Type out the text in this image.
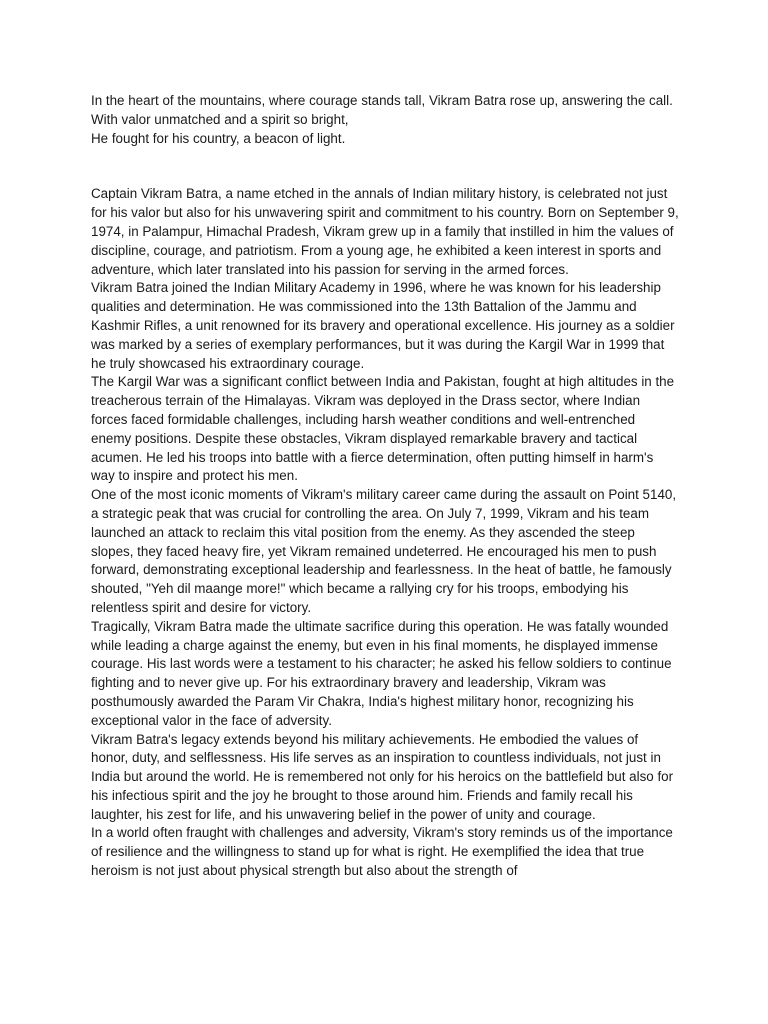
In the heart of the mountains, where courage stands tall, Vikram Batra rose up, answering the call.

With valor unmatched and a spirit so bright,

He fought for his country, a beacon of light.

Captain Vikram Batra, a name etched in the annals of Indian military history, is celebrated not just for his valor but also for his unwavering spirit and commitment to his country. Born on September 9, 1974, in Palampur, Himachal Pradesh, Vikram grew up in a family that instilled in him the values of discipline, courage, and patriotism. From a young age, he exhibited a keen interest in sports and adventure, which later translated into his passion for serving in the armed forces.

Vikram Batra joined the Indian Military Academy in 1996, where he was known for his leadership qualities and determination. He was commissioned into the 13th Battalion of the Jammu and Kashmir Rifles, a unit renowned for its bravery and operational excellence. His journey as a soldier was marked by a series of exemplary performances, but it was during the Kargil War in 1999 that he truly showcased his extraordinary courage.

The Kargil War was a significant conflict between India and Pakistan, fought at high altitudes in the treacherous terrain of the Himalayas. Vikram was deployed in the Drass sector, where Indian forces faced formidable challenges, including harsh weather conditions and well-entrenched enemy positions. Despite these obstacles, Vikram displayed remarkable bravery and tactical acumen. He led his troops into battle with a fierce determination, often putting himself in harm's way to inspire and protect his men.

One of the most iconic moments of Vikram's military career came during the assault on Point 5140, a strategic peak that was crucial for controlling the area. On July 7, 1999, Vikram and his team launched an attack to reclaim this vital position from the enemy. As they ascended the steep slopes, they faced heavy fire, yet Vikram remained undeterred. He encouraged his men to push forward, demonstrating exceptional leadership and fearlessness. In the heat of battle, he famously shouted, "Yeh dil maange more!" which became a rallying cry for his troops, embodying his relentless spirit and desire for victory.

Tragically, Vikram Batra made the ultimate sacrifice during this operation. He was fatally wounded while leading a charge against the enemy, but even in his final moments, he displayed immense courage. His last words were a testament to his character; he asked his fellow soldiers to continue fighting and to never give up. For his extraordinary bravery and leadership, Vikram was posthumously awarded the Param Vir Chakra, India's highest military honor, recognizing his exceptional valor in the face of adversity.

Vikram Batra's legacy extends beyond his military achievements. He embodied the values of honor, duty, and selflessness. His life serves as an inspiration to countless individuals, not just in India but around the world. He is remembered not only for his heroics on the battlefield but also for his infectious spirit and the joy he brought to those around him. Friends and family recall his laughter, his zest for life, and his unwavering belief in the power of unity and courage.

In a world often fraught with challenges and adversity, Vikram's story reminds us of the importance of resilience and the willingness to stand up for what is right. He exemplified the idea that true heroism is not just about physical strength but also about the strength of
